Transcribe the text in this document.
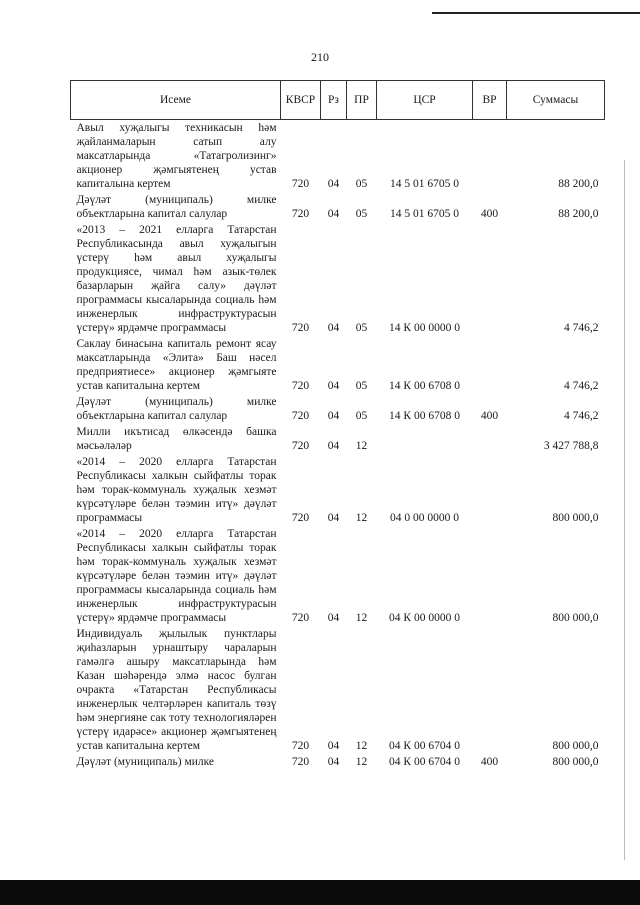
210
Исеме	КВСР	Рз	ПР	ЦСР	ВР	Суммасы
Авыл хуҗалыгы техникасын һәм җайланмаларын сатып алу максатларында «Татагролизинг» акционер җәмгыятенең устав капиталына кертем	720	04	05	14 5 01 6705 0		88 200,0
Дәүләт (муниципаль) милке объектларына капитал салулар	720	04	05	14 5 01 6705 0	400	88 200,0
«2013 – 2021 елларга Татарстан Республикасында авыл хуҗалыгын үстерү һәм авыл хуҗалыгы продукциясе, чимал һәм азык-төлек базарларын җайга салу» дәүләт программасы кысаларында социаль һәм инженерлык инфраструктурасын үстерү» ярдәмче программасы	720	04	05	14 К 00 0000 0		4 746,2
Саклау бинасына капиталь ремонт ясау максатларында «Элита» Баш нәсел предприятиесе» акционер җәмгыяте устав капиталына кертем	720	04	05	14 К 00 6708 0		4 746,2
Дәүләт (муниципаль) милке объектларына капитал салулар	720	04	05	14 К 00 6708 0	400	4 746,2
Милли икътисад өлкәсендә башка мәсьәләләр	720	04	12			3 427 788,8
«2014 – 2020 елларга Татарстан Республикасы халкын сыйфатлы торак һәм торак-коммуналь хуҗалык хезмәт күрсәтүләре белән тәэмин итү» дәүләт программасы	720	04	12	04 0 00 0000 0		800 000,0
«2014 – 2020 елларга Татарстан Республикасы халкын сыйфатлы торак һәм торак-коммуналь хуҗалык хезмәт күрсәтүләре белән тәэмин итү» дәүләт программасы кысаларында социаль һәм инженерлык инфраструктурасын үстерү» ярдәмче программасы	720	04	12	04 К 00 0000 0		800 000,0
Индивидуаль җылылык пунктлары җиһазларын урнаштыру чараларын гамәлгә ашыру максатларында һәм Казан шәһәрендә элмә насос булган очракта «Татарстан Республикасы инженерлык челтәрләрен капиталь төзү һәм энергияне сак тоту технологияләрен үстерү идарәсе» акционер җәмгыятенең устав капиталына кертем	720	04	12	04 К 00 6704 0		800 000,0
Дәүләт (муниципаль) милке	720	04	12	04 К 00 6704 0	400	800 000,0
